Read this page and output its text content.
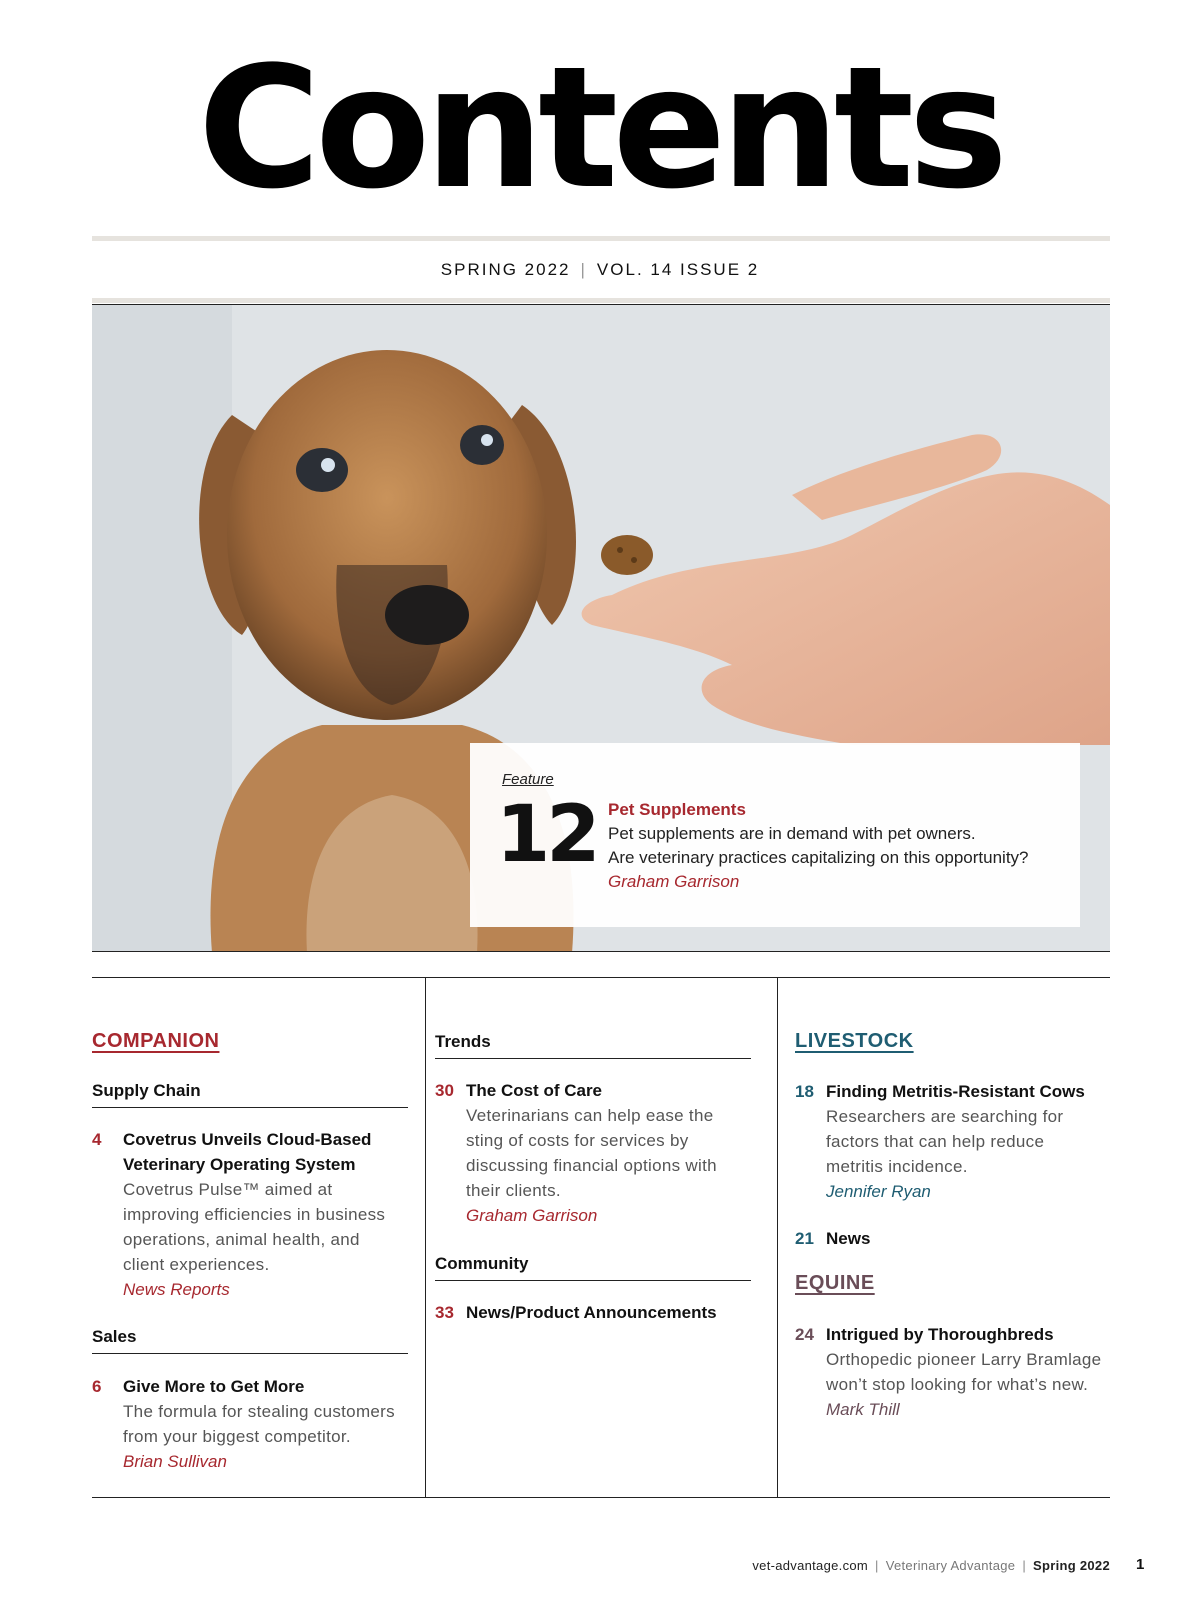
Contents
SPRING 2022 | VOL. 14 ISSUE 2
Feature
12 Pet Supplements
Pet supplements are in demand with pet owners.
Are veterinary practices capitalizing on this opportunity?
Graham Garrison
COMPANION
Supply Chain
4 Covetrus Unveils Cloud-Based
Veterinary Operating System
Covetrus Pulse™ aimed at
improving efficiencies in business
operations, animal health, and
client experiences.
News Reports
Sales
6 Give More to Get More
The formula for stealing customers
from your biggest competitor.
Brian Sullivan
Trends
30 The Cost of Care
Veterinarians can help ease the
sting of costs for services by
discussing financial options with
their clients.
Graham Garrison
Community
33 News/Product Announcements
LIVESTOCK
18 Finding Metritis-Resistant Cows
Researchers are searching for
factors that can help reduce
metritis incidence.
Jennifer Ryan
21 News
EQUINE
24 Intrigued by Thoroughbreds
Orthopedic pioneer Larry Bramlage
won’t stop looking for what’s new.
Mark Thill
vet-advantage.com | Veterinary Advantage | Spring 2022 1
